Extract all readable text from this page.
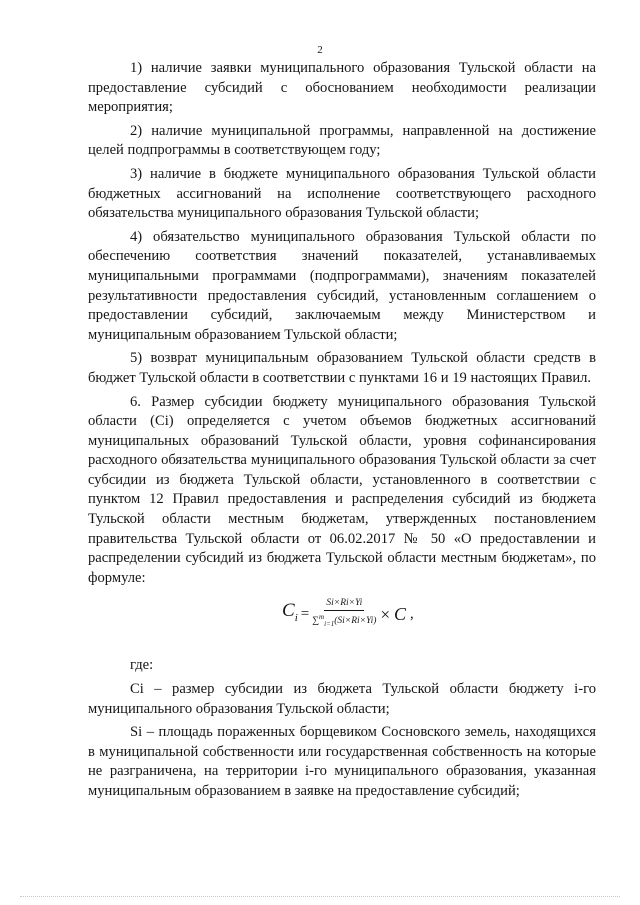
2

1) наличие заявки муниципального образования Тульской области на предоставление субсидий с обоснованием необходимости реализации мероприятия;

2) наличие муниципальной программы, направленной на достижение целей подпрограммы в соответствующем году;

3) наличие в бюджете муниципального образования Тульской области бюджетных ассигнований на исполнение соответствующего расходного обязательства муниципального образования Тульской области;

4) обязательство муниципального образования Тульской области по обеспечению соответствия значений показателей, устанавливаемых муниципальными программами (подпрограммами), значениям показателей результативности предоставления субсидий, установленным соглашением о предоставлении субсидий, заключаемым между Министерством и муниципальным образованием Тульской области;

5) возврат муниципальным образованием Тульской области средств в бюджет Тульской области в соответствии с пунктами 16 и 19 настоящих Правил.

6. Размер субсидии бюджету муниципального образования Тульской области (Ci) определяется с учетом объемов бюджетных ассигнований муниципальных образований Тульской области, уровня софинансирования расходного обязательства муниципального образования Тульской области за счет субсидии из бюджета Тульской области, установленного в соответствии с пунктом 12 Правил предоставления и распределения субсидий из бюджета Тульской области местным бюджетам, утвержденных постановлением правительства Тульской области от 06.02.2017 № 50 «О предоставлении и распределении субсидий из бюджета Тульской области местным бюджетам», по формуле:

$C_i = \frac{Si\times Ri\times Yi}{\sum^m_{i=1}(Si\times Ri\times Yi)} \times C$ ,

где:

Ci – размер субсидии из бюджета Тульской области бюджету i-го муниципального образования Тульской области;

Si – площадь пораженных борщевиком Сосновского земель, находящихся в муниципальной собственности или государственная собственность на которые не разграничена, на территории i-го муниципального образования, указанная муниципальным образованием в заявке на предоставление субсидий;
